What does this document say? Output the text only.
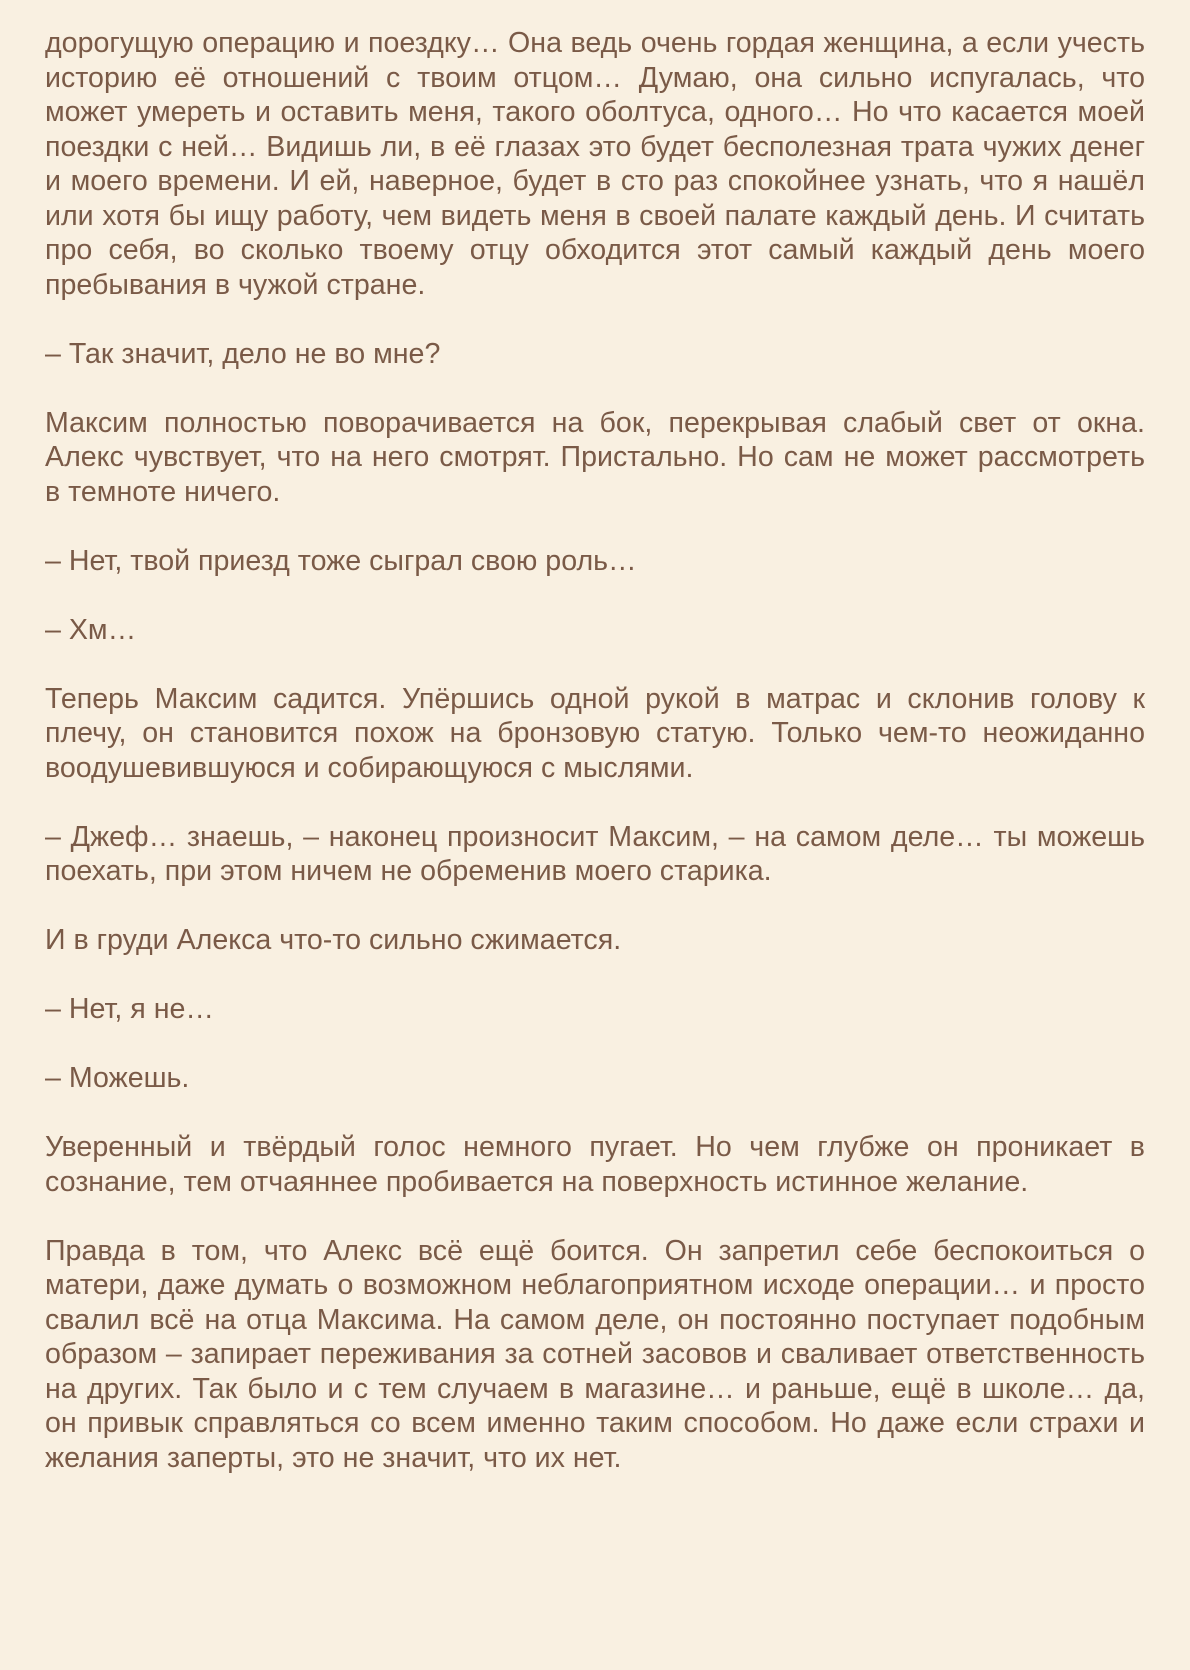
дорогущую операцию и поездку… Она ведь очень гордая женщина, а если учесть историю её отношений с твоим отцом… Думаю, она сильно испугалась, что может умереть и оставить меня, такого оболтуса, одного… Но что касается моей поездки с ней… Видишь ли, в её глазах это будет бесполезная трата чужих денег и моего времени. И ей, наверное, будет в сто раз спокойнее узнать, что я нашёл или хотя бы ищу работу, чем видеть меня в своей палате каждый день. И считать про себя, во сколько твоему отцу обходится этот самый каждый день моего пребывания в чужой стране.

– Так значит, дело не во мне?

Максим полностью поворачивается на бок, перекрывая слабый свет от окна. Алекс чувствует, что на него смотрят. Пристально. Но сам не может рассмотреть в темноте ничего.

– Нет, твой приезд тоже сыграл свою роль…

– Хм…

Теперь Максим садится. Упёршись одной рукой в матрас и склонив голову к плечу, он становится похож на бронзовую статую. Только чем-то неожиданно воодушевившуюся и собирающуюся с мыслями.

– Джеф… знаешь, – наконец произносит Максим, – на самом деле… ты можешь поехать, при этом ничем не обременив моего старика.

И в груди Алекса что-то сильно сжимается.

– Нет, я не…

– Можешь.

Уверенный и твёрдый голос немного пугает. Но чем глубже он проникает в сознание, тем отчаяннее пробивается на поверхность истинное желание.

Правда в том, что Алекс всё ещё боится. Он запретил себе беспокоиться о матери, даже думать о возможном неблагоприятном исходе операции… и просто свалил всё на отца Максима. На самом деле, он постоянно поступает подобным образом – запирает переживания за сотней засовов и сваливает ответственность на других. Так было и с тем случаем в магазине… и раньше, ещё в школе… да, он привык справляться со всем именно таким способом. Но даже если страхи и желания заперты, это не значит, что их нет.
